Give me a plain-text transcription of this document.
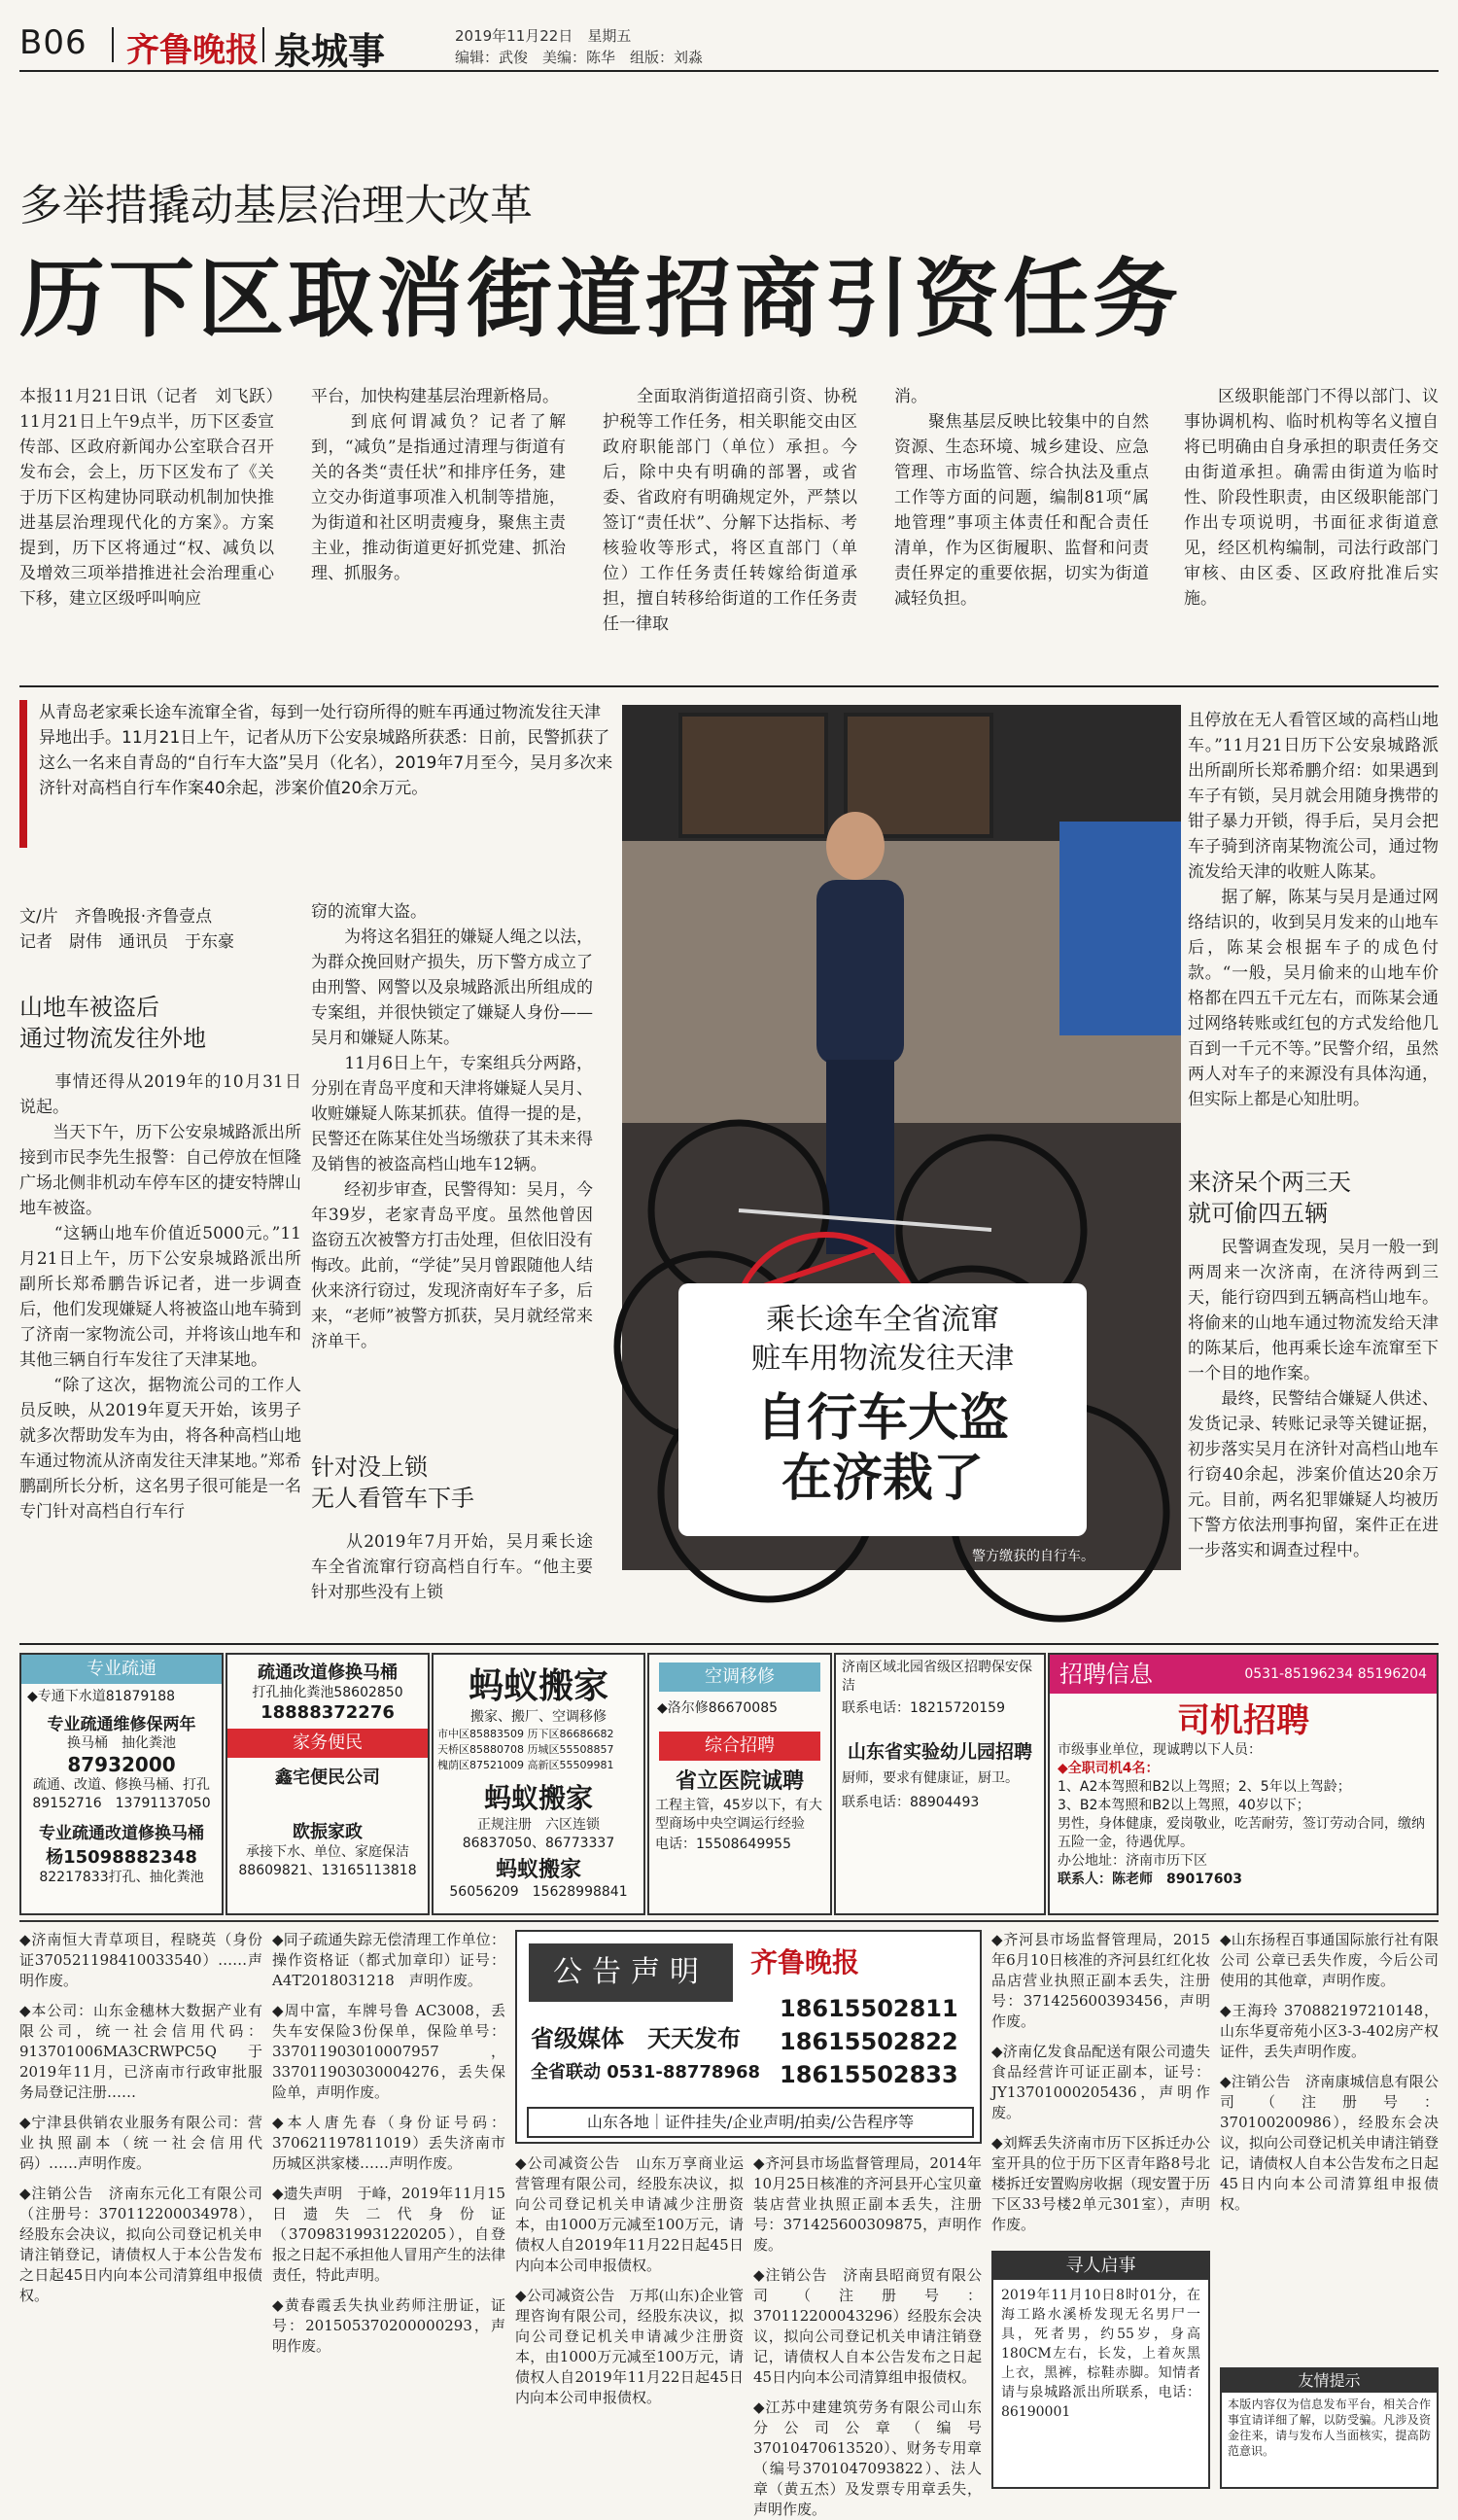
B06 齐鲁晚报 泉城事	2019年11月22日　星期五
编辑：武俊　美编：陈华　组版：刘淼
多举措撬动基层治理大改革
历下区取消街道招商引资任务
本报11月21日讯（记者　刘飞跃）　11月21日上午9点半，历下区委宣传部、区政府新闻办公室联合召开发布会，会上，历下区发布了《关于历下区构建协同联动机制加快推进基层治理现代化的方案》。方案提到，历下区将通过“权、减负以及增效三项举措推进社会治理重心下移，建立区级呼叫响应
平台，加快构建基层治理新格局。
　　到底何谓减负？记者了解到，“减负”是指通过清理与街道有关的各类“责任状”和排序任务，建立交办街道事项准入机制等措施，为街道和社区明责瘦身，聚焦主责主业，推动街道更好抓党建、抓治理、抓服务。
　　全面取消街道招商引资、协税护税等工作任务，相关职能交由区政府职能部门（单位）承担。今后，除中央有明确的部署，或省委、省政府有明确规定外，严禁以签订“责任状”、分解下达指标、考核验收等形式，将区直部门（单位）工作任务责任转嫁给街道承担，擅自转移给街道的工作任务责任一律取
消。
　　聚焦基层反映比较集中的自然资源、生态环境、城乡建设、应急管理、市场监管、综合执法及重点工作等方面的问题，编制81项“属地管理”事项主体责任和配合责任清单，作为区街履职、监督和问责责任界定的重要依据，切实为街道减轻负担。
　　区级职能部门不得以部门、议事协调机构、临时机构等名义擅自将已明确由自身承担的职责任务交由街道承担。确需由街道为临时性、阶段性职责，由区级职能部门作出专项说明，书面征求街道意见，经区机构编制，司法行政部门审核、由区委、区政府批准后实施。
从青岛老家乘长途车流窜全省，每到一处行窃所得的赃车再通过物流发往天津异地出手。11月21日上午，记者从历下公安泉城路所获悉：日前，民警抓获了这么一名来自青岛的“自行车大盗”吴月（化名），2019年7月至今，吴月多次来济针对高档自行车作案40余起，涉案价值20余万元。
文/片　齐鲁晚报·齐鲁壹点
记者　尉伟　通讯员　于东豪
山地车被盗后
通过物流发往外地
　　事情还得从2019年的10月31日说起。
　　当天下午，历下公安泉城路派出所接到市民李先生报警：自己停放在恒隆广场北侧非机动车停车区的捷安特牌山地车被盗。
　　“这辆山地车价值近5000元。”11月21日上午，历下公安泉城路派出所副所长郑希鹏告诉记者，进一步调查后，他们发现嫌疑人将被盗山地车骑到了济南一家物流公司，并将该山地车和其他三辆自行车发往了天津某地。
　　“除了这次，据物流公司的工作人员反映，从2019年夏天开始，该男子就多次帮助发车为由，将各种高档山地车通过物流从济南发往天津某地。”郑希鹏副所长分析，这名男子很可能是一名专门针对高档自行车行
窃的流窜大盗。
　　为将这名猖狂的嫌疑人绳之以法，为群众挽回财产损失，历下警方成立了由刑警、网警以及泉城路派出所组成的专案组，并很快锁定了嫌疑人身份——吴月和嫌疑人陈某。
　　11月6日上午，专案组兵分两路，分别在青岛平度和天津将嫌疑人吴月、收赃嫌疑人陈某抓获。值得一提的是，民警还在陈某住处当场缴获了其未来得及销售的被盗高档山地车12辆。
　　经初步审查，民警得知：吴月，今年39岁，老家青岛平度。虽然他曾因盗窃五次被警方打击处理，但依旧没有悔改。此前，“学徒”吴月曾跟随他人结伙来济行窃过，发现济南好车子多，后来，“老师”被警方抓获，吴月就经常来济单干。
针对没上锁
无人看管车下手
　　从2019年7月开始，吴月乘长途车全省流窜行窃高档自行车。“他主要针对那些没有上锁
乘长途车全省流窜
赃车用物流发往天津
自行车大盗
在济栽了
警方缴获的自行车。
且停放在无人看管区域的高档山地车。”11月21日历下公安泉城路派出所副所长郑希鹏介绍：如果遇到车子有锁，吴月就会用随身携带的钳子暴力开锁，得手后，吴月会把车子骑到济南某物流公司，通过物流发给天津的收赃人陈某。
　　据了解，陈某与吴月是通过网络结识的，收到吴月发来的山地车后，陈某会根据车子的成色付款。“一般，吴月偷来的山地车价格都在四五千元左右，而陈某会通过网络转账或红包的方式发给他几百到一千元不等。”民警介绍，虽然两人对车子的来源没有具体沟通，但实际上都是心知肚明。
来济呆个两三天
就可偷四五辆
　　民警调查发现，吴月一般一到两周来一次济南，在济待两到三天，能行窃四到五辆高档山地车。将偷来的山地车通过物流发给天津的陈某后，他再乘长途车流窜至下一个目的地作案。
　　最终，民警结合嫌疑人供述、发货记录、转账记录等关键证据，初步落实吴月在济针对高档山地车行窃40余起，涉案价值达20余万元。目前，两名犯罪嫌疑人均被历下警方依法刑事拘留，案件正在进一步落实和调查过程中。
专业疏通
◆专通下水道81879188
专业疏通维修保两年
换马桶　抽化粪池
87932000
疏通、改道、修换马桶、打孔
89152716　13791137050
专业疏通改道修换马桶
杨15098882348
82217833打孔、抽化粪池
疏通改道修换马桶
打孔抽化粪池58602850
18888372276
家务便民
鑫宅便民公司
欧振家政
承接下水、单位、家庭保洁
88609821、13165113818
蚂蚁搬家
搬家、搬厂、空调移修
市中区85883509 历下区86686682
天桥区85880708 历城区55508857
槐荫区87521009 高新区55509981
蚂蚁搬家
正规注册　六区连锁
86837050、86773337
蚂蚁搬家
56056209　15628998841
空调移修
◆洛尔修86670085
综合招聘
省立医院诚聘
工程主管，45岁以下，有大型商场中央空调运行经验
电话：15508649955
济南区域北园省级区招聘保安保洁
联系电话：18215720159
山东省实验幼儿园招聘
厨师，要求有健康证，厨卫。
联系电话：88904493
招聘信息	0531-85196234 85196204
司机招聘
市级事业单位，现诚聘以下人员：
◆全职司机4名：
1、A2本驾照和B2以上驾照；2、5年以上驾龄；
3、B2本驾照和B2以上驾照，40岁以下；
男性，身体健康，爱岗敬业，吃苦耐劳，签订劳动合同，缴纳五险一金，待遇优厚。
办公地址：济南市历下区
联系人：陈老师　89017603

◆济南恒大青草项目，程晓英（身份证370521198410033540）……声明作废。

◆本公司：山东金穗林大数据产业有限公司，统一社会信用代码：913701006MA3CRWPC5Q 于2019年11月，已济南市行政审批服务局登记注册……

◆宁津县供销农业服务有限公司：营业执照副本（统一社会信用代码）……声明作废。

◆注销公告　济南东元化工有限公司（注册号：370112200034978），经股东会决议，拟向公司登记机关申请注销登记，请债权人于本公告发布之日起45日内向本公司清算组申报债权。

◆同子疏通失踪无偿清理工作单位：操作资格证（都式加章印）证号：A4T2018031218　声明作废。

◆周中富，车牌号鲁 AC3008，丢失车安保险3份保单，保险单号：337011903010007957，337011903030004276，丢失保险单，声明作废。

◆本人唐先春（身份证号码：370621197811019）丢失济南市历城区洪家楼……声明作废。

◆遗失声明　于峰，2019年11月15日遗失二代身份证（37098319931220205），自登报之日起不承担他人冒用产生的法律责任，特此声明。

◆黄春霞丢失执业药师注册证，证号：201505370200000293，声明作废。

公告声明	齐鲁晚报
省级媒体　天天发布
全省联动 0531-88778968
18615502811
18615502822
18615502833
山东各地｜证件挂失/企业声明/拍卖/公告程序等

◆公司减资公告　山东万享商业运营管理有限公司，经股东决议，拟向公司登记机关申请减少注册资本，由1000万元减至100万元，请债权人自2019年11月22日起45日内向本公司申报债权。

◆公司减资公告　万邦(山东)企业管理咨询有限公司，经股东决议，拟向公司登记机关申请减少注册资本，由1000万元减至100万元，请债权人自2019年11月22日起45日内向本公司申报债权。

◆齐河县市场监督管理局，2014年10月25日核准的齐河县开心宝贝童装店营业执照正副本丢失，注册号：371425600309875，声明作废。

◆注销公告　济南县昭商贸有限公司（注册号：370112200043296）经股东会决议，拟向公司登记机关申请注销登记，请债权人自本公告发布之日起45日内向本公司清算组申报债权。

◆江苏中建建筑劳务有限公司山东分公司公章（编号37010470613520）、财务专用章（编号3701047093822）、法人章（黄五杰）及发票专用章丢失，声明作废。

◆齐河县市场监督管理局，2015年6月10日核准的齐河县红红化妆品店营业执照正副本丢失，注册号：371425600393456，声明作废。

◆济南亿发食品配送有限公司遗失食品经营许可证正副本，证号：JY13701000205436，声明作废。

◆刘辉丢失济南市历下区拆迁办公室开具的位于历下区青年路8号北楼拆迁安置购房收据（现安置于历下区33号楼2单元301室），声明作废。

寻人启事
2019年11月10日8时01分，在海工路水溪桥发现无名男尸一具，死者男，约55岁，身高180CM左右，长发，上着灰黑上衣，黑裤，棕鞋赤脚。知情者请与泉城路派出所联系，电话：86190001

◆山东扬程百事通国际旅行社有限公司 公章已丢失作废，今后公司使用的其他章，声明作废。

◆王海玲 370882197210148，山东华夏帝苑小区3-3-402房产权证件，丢失声明作废。

◆注销公告　济南康城信息有限公司（注册号：370100200986），经股东会决议，拟向公司登记机关申请注销登记，请债权人自本公告发布之日起45日内向本公司清算组申报债权。

友情提示
本版内容仅为信息发布平台，相关合作事宜请详细了解，以防受骗。凡涉及资金往来，请与发布人当面核实，提高防范意识。
